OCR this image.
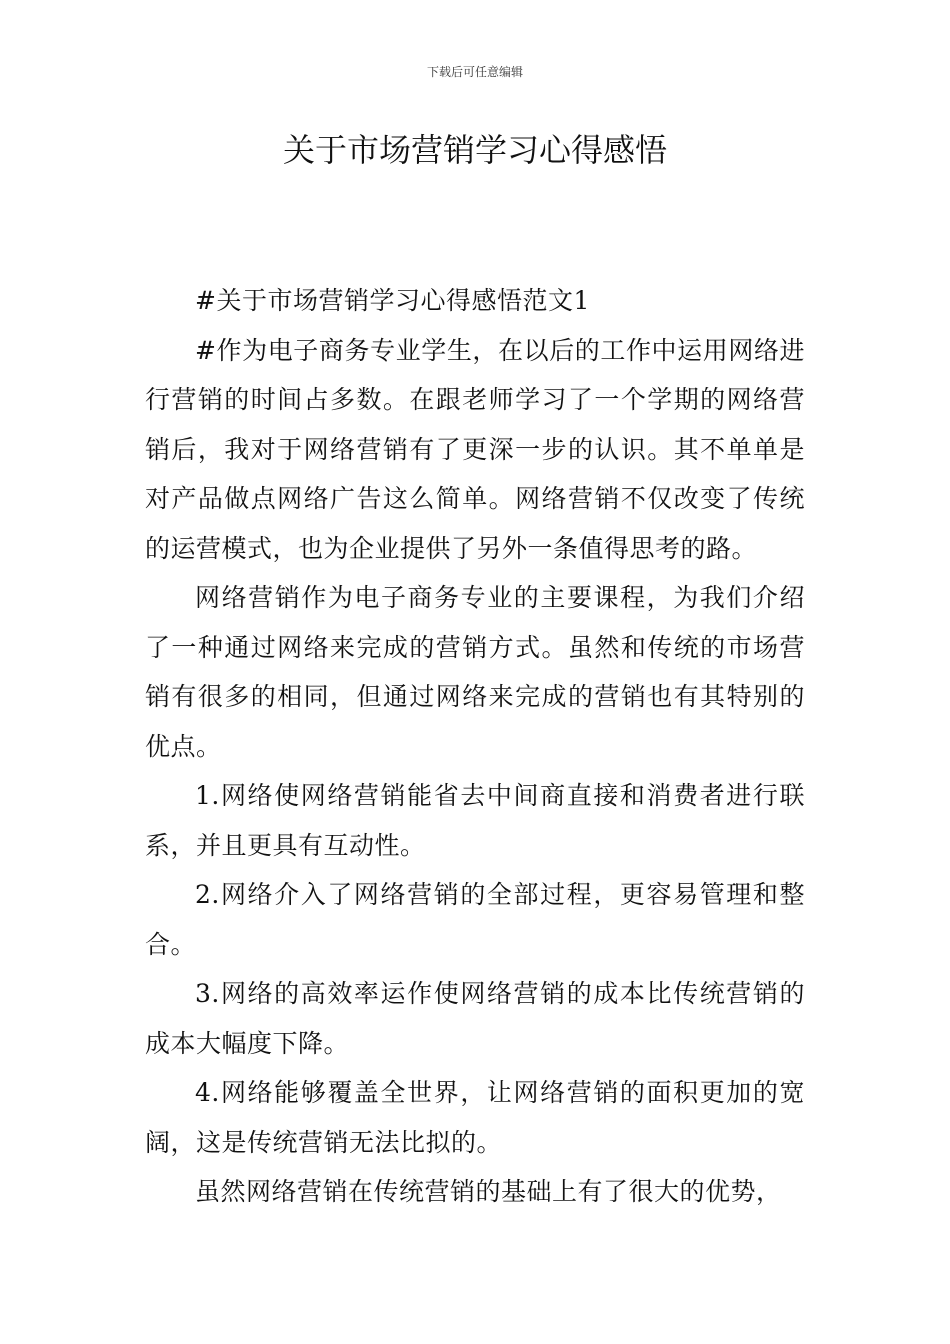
下载后可任意编辑
关于市场营销学习心得感悟

#关于市场营销学习心得感悟范文1

#作为电子商务专业学生，在以后的工作中运用网络进行营销的时间占多数。在跟老师学习了一个学期的网络营销后，我对于网络营销有了更深一步的认识。其不单单是对产品做点网络广告这么简单。网络营销不仅改变了传统的运营模式，也为企业提供了另外一条值得思考的路。

网络营销作为电子商务专业的主要课程，为我们介绍了一种通过网络来完成的营销方式。虽然和传统的市场营销有很多的相同，但通过网络来完成的营销也有其特别的优点。

1.网络使网络营销能省去中间商直接和消费者进行联系，并且更具有互动性。

2.网络介入了网络营销的全部过程，更容易管理和整合。

3.网络的高效率运作使网络营销的成本比传统营销的成本大幅度下降。

4.网络能够覆盖全世界，让网络营销的面积更加的宽阔，这是传统营销无法比拟的。

虽然网络营销在传统营销的基础上有了很大的优势，
